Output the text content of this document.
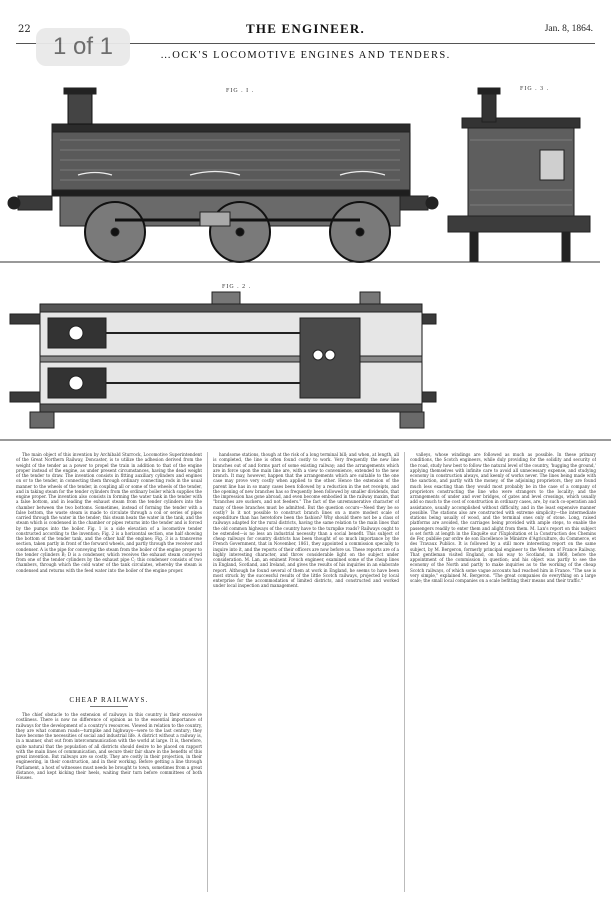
22	THE ENGINEER.	Jan. 8, 1864.
…OCK'S LOCOMOTIVE ENGINES AND TENDERS.
1 of 1
FIG . I .	FIG . 3 .
FIG . 2 .

The main object of this invention by Archibald Sturrock, Locomotive Superintendent of the Great Northern Railway, Doncaster, is to utilize the adhesion derived from the weight of the tender as a power to propel the train in addition to that of the engine proper instead of the engine, as under present circumstances, having the dead weight of the tender to draw. The invention consists in fitting auxiliary cylinders and engines on or to the tender, in connecting them through ordinary connecting rods in the usual manner to the wheels of the tender, in coupling all or some of the wheels of the tender, and in taking steam for the tender cylinders from the ordinary boiler which supplies the engine proper. The invention also consists in forming the water tank in the tender with a false bottom, and in leading the exhaust steam from the tender cylinders into the chamber between the two bottoms. Sometimes, instead of forming the tender with a false bottom, the waste steam is made to circulate through a coil or series of pipes carried through the water in the tender; this steam heats the water in the tank, and the steam which is condensed in the chamber or pipes returns into the tender and is forced by the pumps into the boiler. Fig. 1 is a side elevation of a locomotive tender constructed according to the invention; Fig. 2 is a horizontal section, one half showing the bottom of the tender tank, and the other half the engines; Fig. 3 is a transverse section, taken partly in front of the forward wheels, and partly through the receiver and condenser. A is the pipe for conveying the steam from the boiler of the engine proper to the tender cylinders B; D is a condenser, which receives the exhaust steam conveyed from one of the tender cylinders by the exhaust pipe C; this condenser consists of two chambers, through which the cold water of the tank circulates, whereby the steam is condensed and returns with the feed water into the boiler of the engine proper.

CHEAP RAILWAYS.

The chief obstacle to the extension of railways in this country is their excessive costliness. There is now no difference of opinion as to the essential importance of railways for the development of a country's resources. Viewed in relation to the country, they are what common roads—turnpike and highways—were to the last century; they have become the necessities of social and industrial life. A district without a railway is, in a manner, shut out from intercommunication with the world at large. It is, therefore, quite natural that the population of all districts should desire to be placed on rapport with the main lines of communication, and secure their fair share in the benefits of this great invention. But railways are so costly. They are costly in their projection, in their engineering, in their construction, and in their working. Before getting a line through Parliament, a host of witnesses must needs be brought to town, sometimes from a great distance, and kept kicking their heels, waiting their turn before committees of both Houses.

handsome stations, though at the risk of a long terminal bill; and when, at length, all is completed, the line is often found costly to work. Very frequently the new line branches out of and forms part of some existing railway; and the arrangements which are in force upon the main line are, with a view to convenience, extended to the new branch. It may, however, happen that the arrangements which are suitable to the one case may prove very costly when applied to the other. Hence the extension of the parent line has in so many cases been followed by a reduction in the net receipts, and the opening of new branches has so frequently been followed by smaller dividends, that the impression has gone abroad, and even become embodied in the railway maxim, that "branches are suckers, and not feeders." The fact of the unremunerative character of many of these branches must be admitted. But the question occurs—Need they be so costly? Is it not possible to construct branch lines on a more modest scale of expenditure than has heretofore been the fashion? Why should there not be a class of railways adapted for the rural districts, having the same relation to the main lines that the old common highways of the country have to the turnpike roads? Railways ought to be extended—is no less an industrial necessity than a social benefit. This subject of cheap railways for country districts has been thought of so much importance by the French Government, that in November, 1861, they appointed a commission specially to inquire into it, and the reports of their officers are now before us. These reports are of a highly interesting character, and throw considerable light on the subject under consideration. M. Lan, an eminent French engineer, examined some of the cheap lines in England, Scotland, and Ireland, and gives the results of his inquiries in an elaborate report. Although he found several of them at work in England, he seems to have been most struck by the successful results of the little Scotch railways, projected by local enterprise for the accommodation of limited districts, and constructed and worked under local inspection and management.

valleys, whose windings are followed as much as possible. In these primary conditions, the Scotch engineers, while duly providing for the solidity and security of the road, study how best to follow the natural level of the country, 'hugging the ground,' applying themselves with infinite care to avoid all unnecessary expense, and studying economy in construction always, and keenly of works never. The lines being made with the sanction, and partly with the money, of the adjoining proprietors, they are found much less exacting than they would most probably be in the case of a company of proprietors constructing the line who were strangers to the locality; and the arrangements of under and over bridges, of gates and level crossings, which usually add so much to the cost of construction in ordinary cases, are, by such co-operation and assistance, usually accomplished without difficulty, and in the least expensive manner possible. The stations also are constructed with extreme simplicity—the intermediate stations being usually of wood, and the terminal ones only of stone. Long, raised platforms are avoided, the carriages being provided with ample steps, to enable the passengers readily to enter them and alight from them. M. Lan's report on this subject is set forth at length in the Enquête sur l'Exploitation et la Construction des Chemins de Fer, publiée par ordre de son Excellence le Ministre d'Agriculture, du Commerce, et des Travaux Publics. It is followed by a still more interesting report on the same subject, by M. Bergeron, formerly principal engineer to the Western of France Railway. That gentleman visited England, on his way to Scotland, in 1860, before the appointment of the commission in question; and his object was partly to see the economy of the North and partly to make inquiries as to the working of the cheap Scotch railways, of which some vague accounts had reached him in France. "The use is very simple," explained M. Bergeron. "The great companies do everything on a large scale; the small local companies on a scale befitting their means and their traffic."
